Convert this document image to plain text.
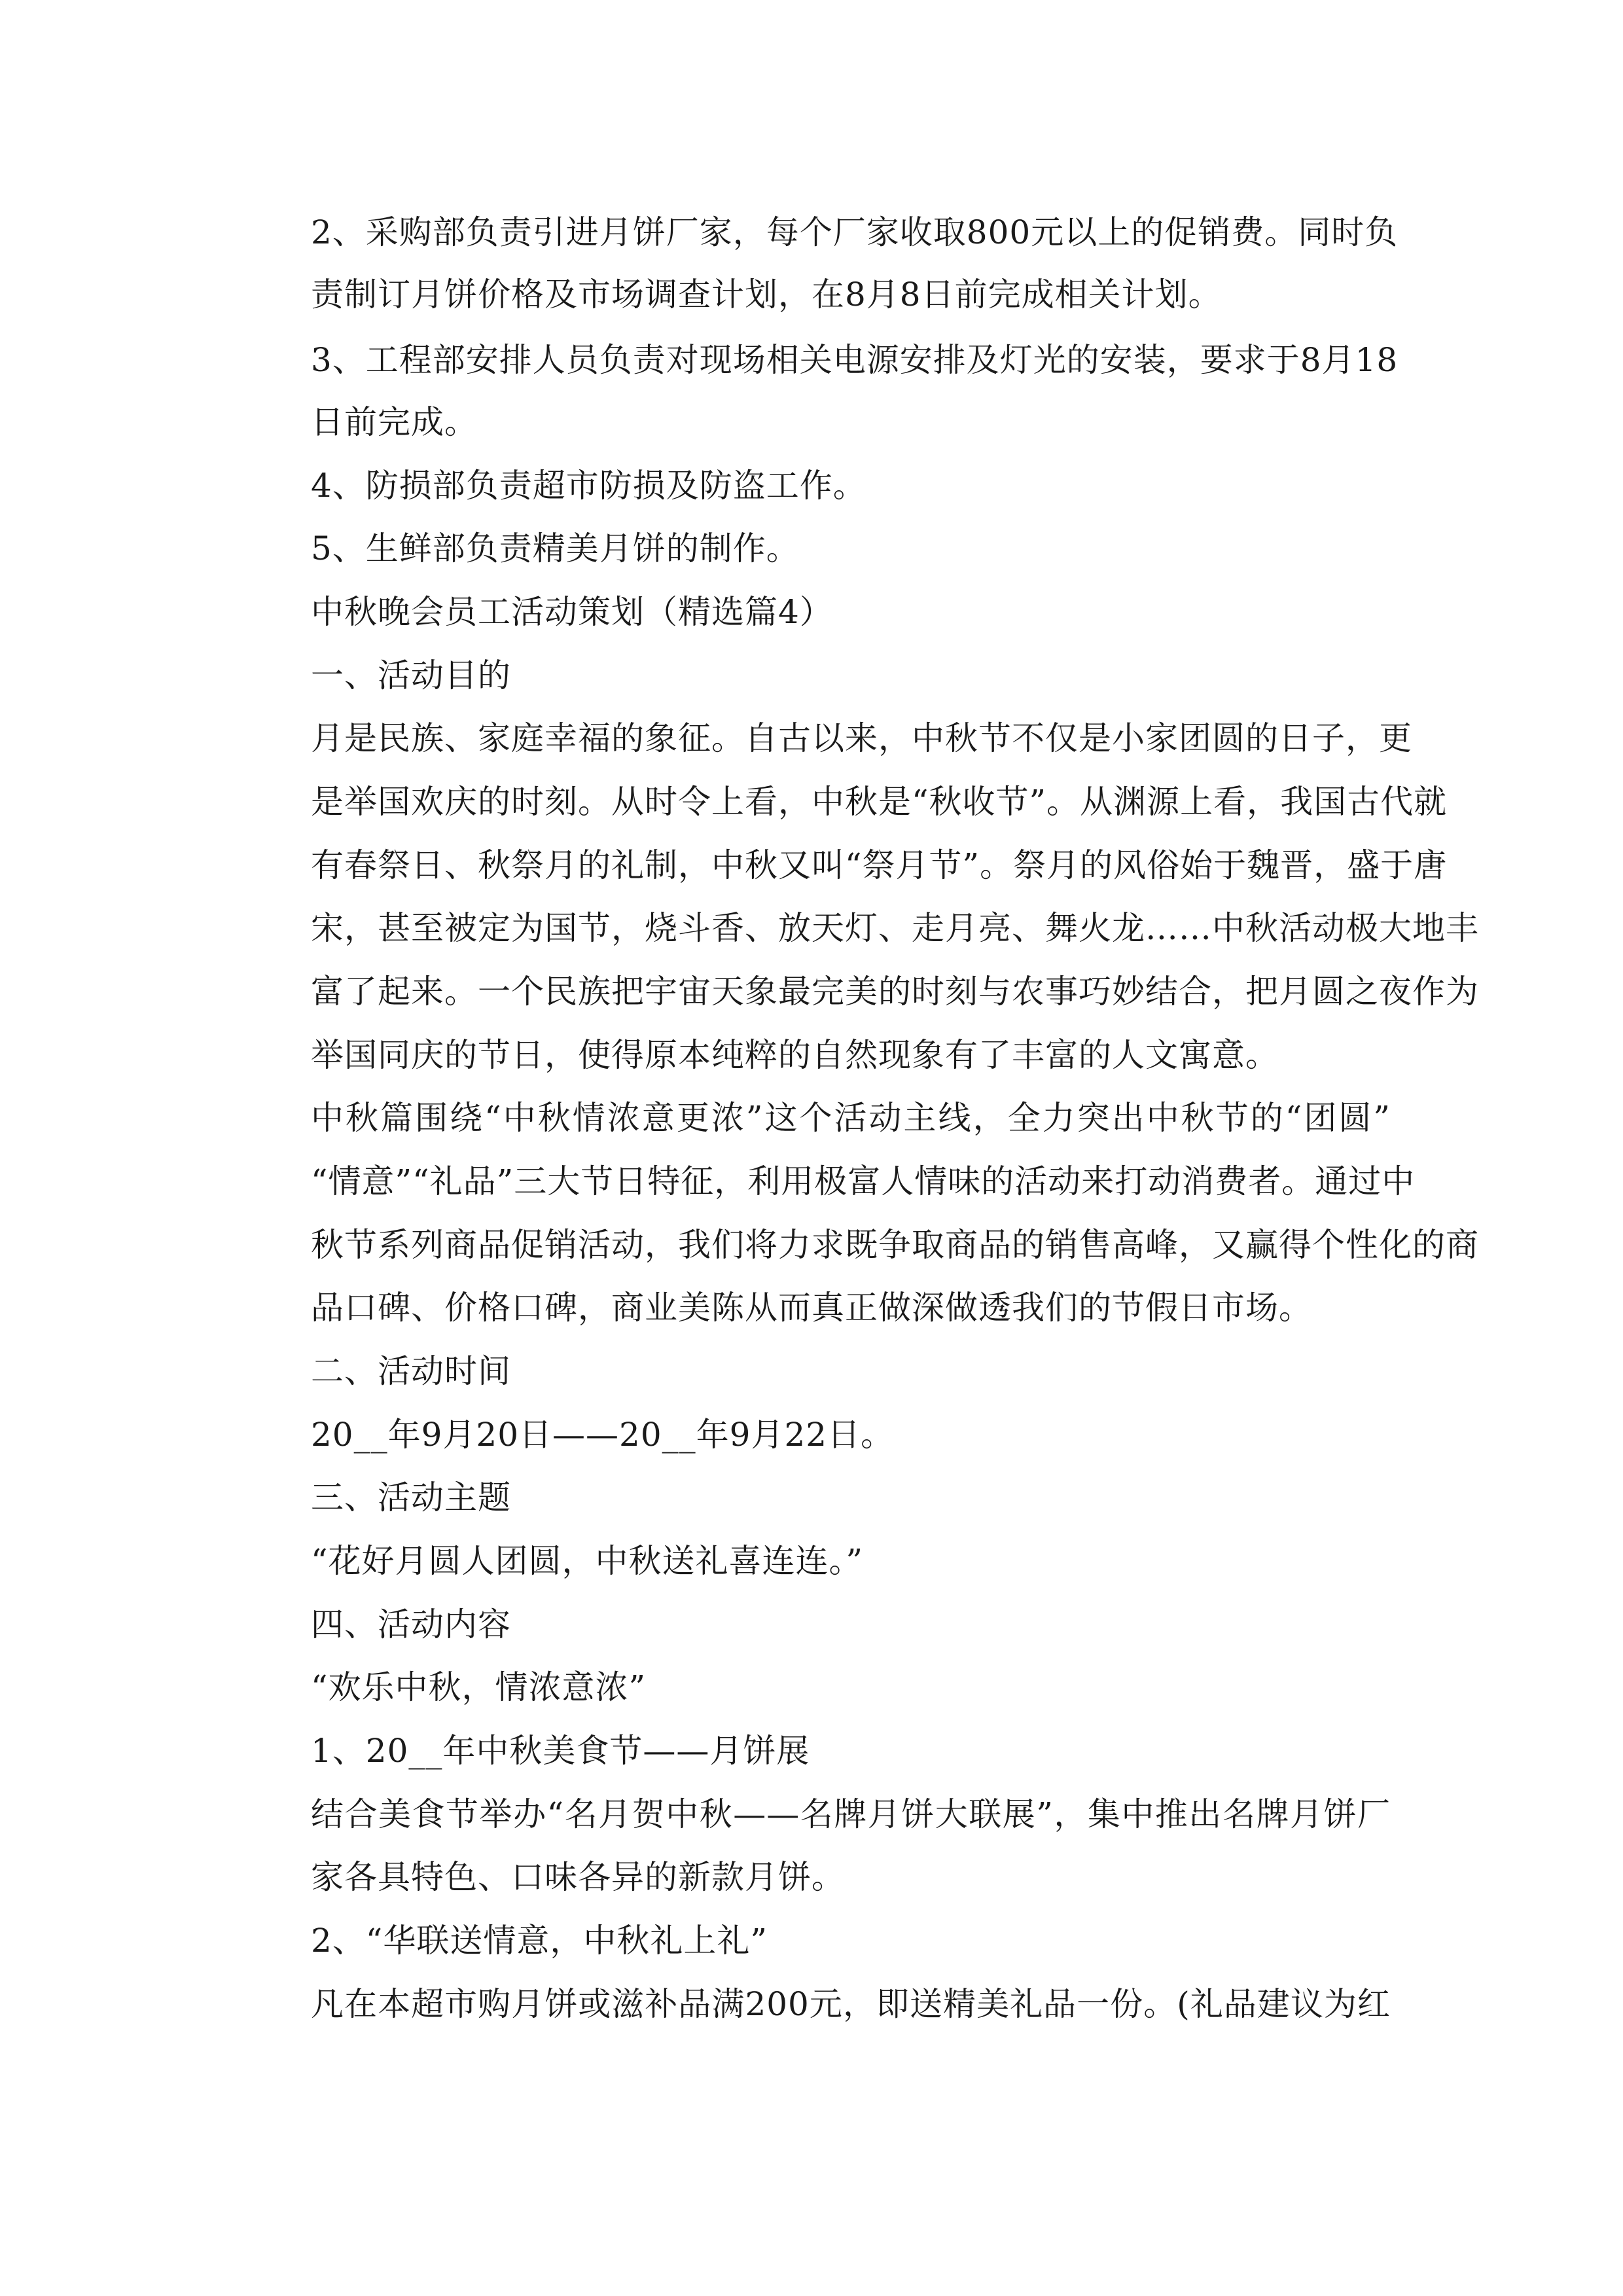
2、采购部负责引进月饼厂家，每个厂家收取800元以上的促销费。同时负
责制订月饼价格及市场调查计划，在8月8日前完成相关计划。
3、工程部安排人员负责对现场相关电源安排及灯光的安装，要求于8月18
日前完成。
4、防损部负责超市防损及防盗工作。
5、生鲜部负责精美月饼的制作。
中秋晚会员工活动策划（精选篇4）
一、活动目的
月是民族、家庭幸福的象征。自古以来，中秋节不仅是小家团圆的日子，更
是举国欢庆的时刻。从时令上看，中秋是“秋收节”。从渊源上看，我国古代就
有春祭日、秋祭月的礼制，中秋又叫“祭月节”。祭月的风俗始于魏晋，盛于唐
宋，甚至被定为国节，烧斗香、放天灯、走月亮、舞火龙……中秋活动极大地丰
富了起来。一个民族把宇宙天象最完美的时刻与农事巧妙结合，把月圆之夜作为
举国同庆的节日，使得原本纯粹的自然现象有了丰富的人文寓意。
中秋篇围绕“中秋情浓意更浓”这个活动主线，全力突出中秋节的“团圆”
“情意”“礼品”三大节日特征，利用极富人情味的活动来打动消费者。通过中
秋节系列商品促销活动，我们将力求既争取商品的销售高峰，又赢得个性化的商
品口碑、价格口碑，商业美陈从而真正做深做透我们的节假日市场。
二、活动时间
20__年9月20日——20__年9月22日。
三、活动主题
“花好月圆人团圆，中秋送礼喜连连。”
四、活动内容
“欢乐中秋，情浓意浓”
1、20__年中秋美食节——月饼展
结合美食节举办“名月贺中秋——名牌月饼大联展”，集中推出名牌月饼厂
家各具特色、口味各异的新款月饼。
2、“华联送情意，中秋礼上礼”
凡在本超市购月饼或滋补品满200元，即送精美礼品一份。(礼品建议为红
